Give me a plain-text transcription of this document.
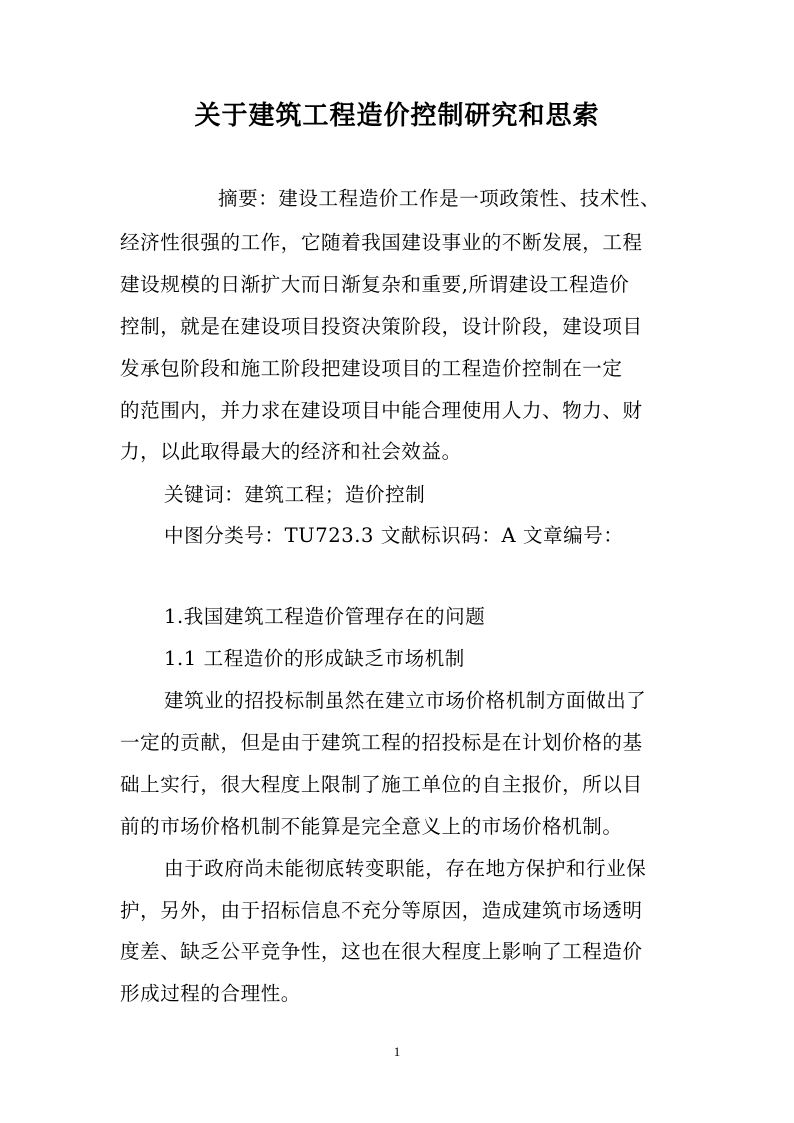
关于建筑工程造价控制研究和思索
摘要：建设工程造价工作是一项政策性、技术性、
经济性很强的工作，它随着我国建设事业的不断发展，工程
建设规模的日渐扩大而日渐复杂和重要,所谓建设工程造价
控制，就是在建设项目投资决策阶段，设计阶段，建设项目
发承包阶段和施工阶段把建设项目的工程造价控制在一定
的范围内，并力求在建设项目中能合理使用人力、物力、财
力，以此取得最大的经济和社会效益。
关键词：建筑工程；造价控制
中图分类号：TU723.3 文献标识码：A 文章编号：
1.我国建筑工程造价管理存在的问题
1.1 工程造价的形成缺乏市场机制
建筑业的招投标制虽然在建立市场价格机制方面做出了
一定的贡献，但是由于建筑工程的招投标是在计划价格的基
础上实行，很大程度上限制了施工单位的自主报价，所以目
前的市场价格机制不能算是完全意义上的市场价格机制。
由于政府尚未能彻底转变职能，存在地方保护和行业保
护，另外，由于招标信息不充分等原因，造成建筑市场透明
度差、缺乏公平竞争性，这也在很大程度上影响了工程造价
形成过程的合理性。
1
